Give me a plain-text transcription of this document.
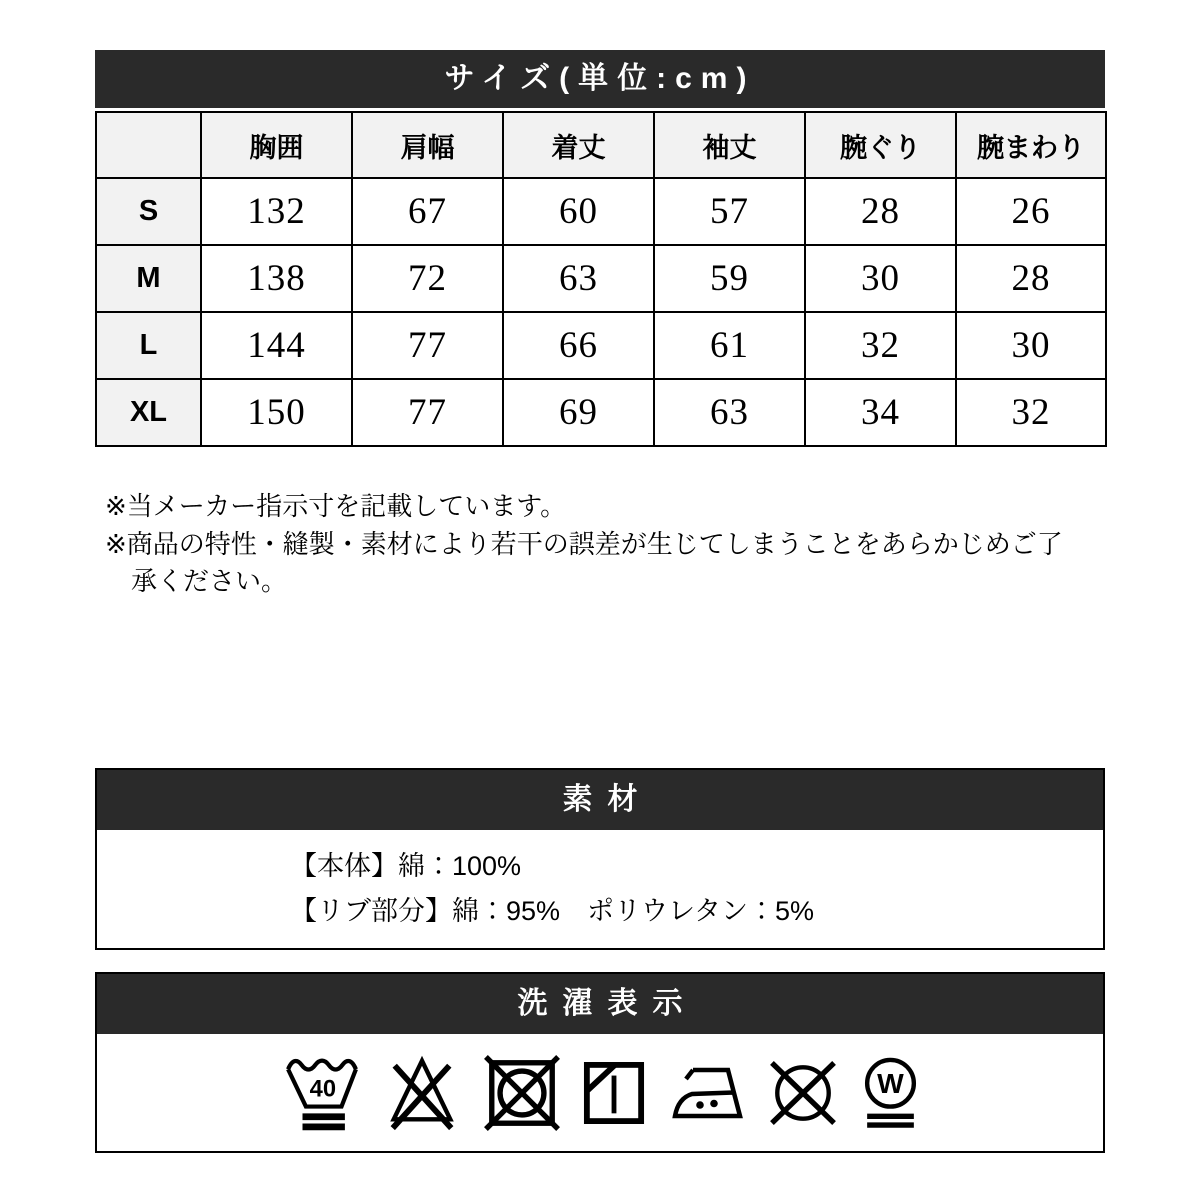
サイズ(単位:cm)
	胸囲	肩幅	着丈	袖丈	腕ぐり	腕まわり
S	132	67	60	57	28	26
M	138	72	63	59	30	28
L	144	77	66	61	32	30
XL	150	77	69	63	34	32

※当メーカー指示寸を記載しています。

※商品の特性・縫製・素材により若干の誤差が生じてしまうことをあらかじめご了
承ください。

素材
【本体】綿：100%
【リブ部分】綿：95%　ポリウレタン：5%
洗濯表示
40	W
